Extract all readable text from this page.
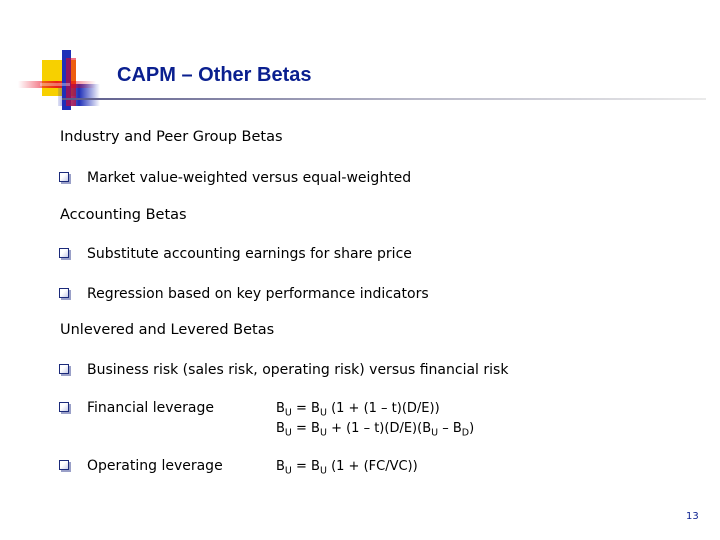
CAPM – Other Betas
Industry and Peer Group Betas
Market value-weighted versus equal-weighted
Accounting Betas
Substitute accounting earnings for share price
Regression based on key performance indicators
Unlevered and Levered Betas
Business risk (sales risk, operating risk) versus financial risk
Financial leverage
Operating leverage
$B_U = B_U$ (1 + (1 – t)(D/E))
$B_U = B_U + (1 - t)(D/E)(B_U - B_D)$
$B_U = B_U$ (1 + (FC/VC))
13
